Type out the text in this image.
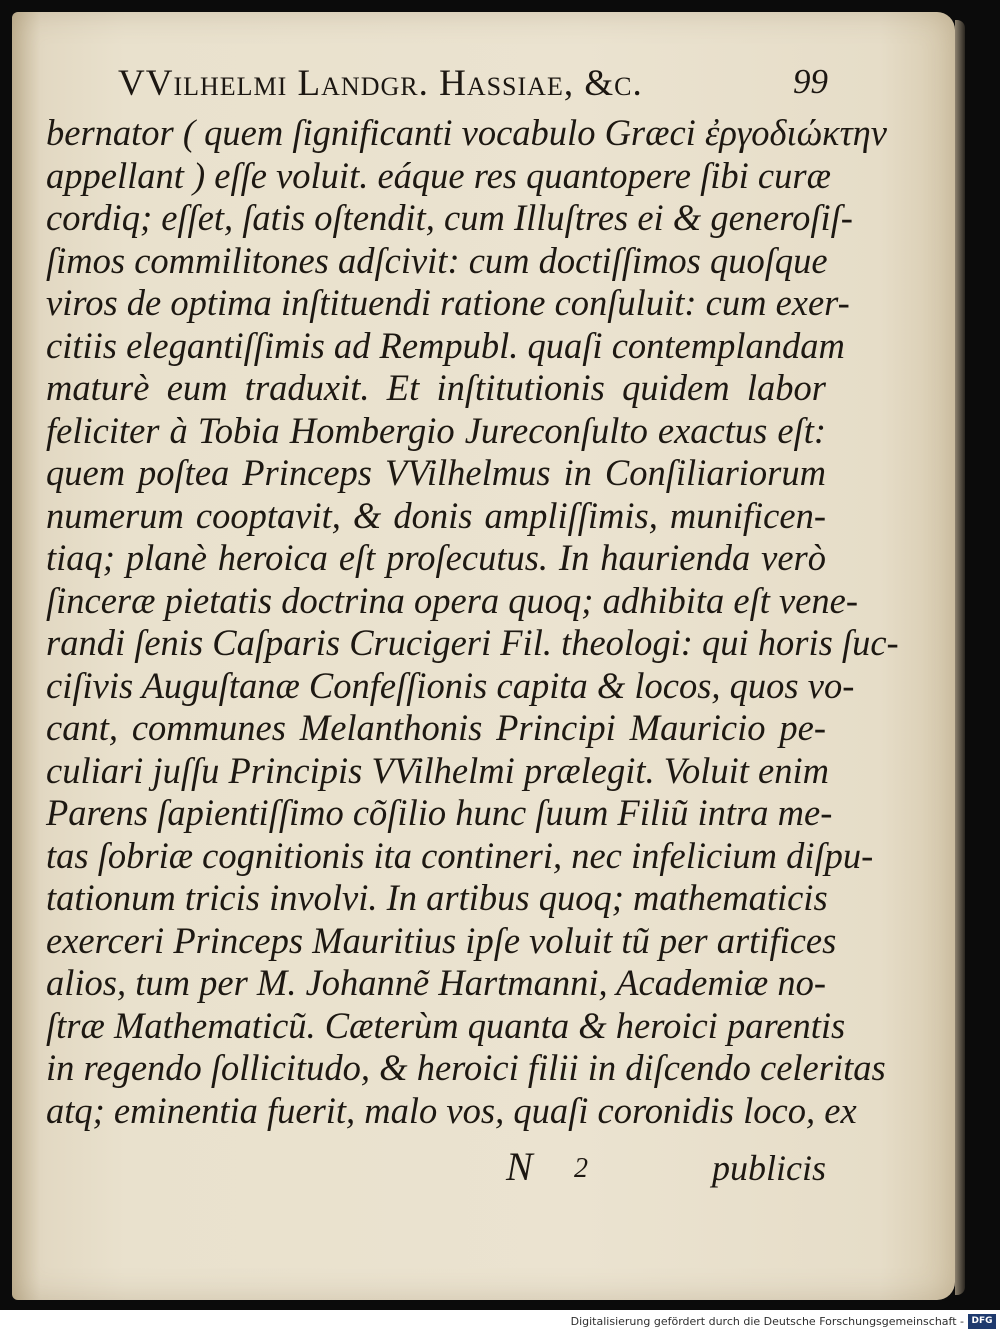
VVilhelmi Landgr. Hassiae, &c.	99
bernator ( quem ſignificanti vocabulo Græci ἐργοδιώκτην
appellant ) eſſe voluit. eáque res quantopere ſibi curæ
cordiq; eſſet, ſatis oſtendit, cum Illuſtres ei & generoſiſ-
ſimos commilitones adſcivit: cum doctiſſimos quoſque
viros de optima inſtituendi ratione conſuluit: cum exer-
citiis elegantiſſimis ad Rempubl. quaſi contemplandam
maturè eum traduxit. Et inſtitutionis quidem labor
feliciter à Tobia Hombergio Jureconſulto exactus eſt:
quem poſtea Princeps VVilhelmus in Conſiliariorum
numerum cooptavit, & donis ampliſſimis, munificen-
tiaq; planè heroica eſt proſecutus. In haurienda verò
ſinceræ pietatis doctrina opera quoq; adhibita eſt vene-
randi ſenis Caſparis Crucigeri Fil. theologi: qui horis ſuc-
ciſivis Auguſtanæ Confeſſionis capita & locos, quos vo-
cant, communes Melanthonis Principi Mauricio pe-
culiari juſſu Principis VVilhelmi prælegit. Voluit enim
Parens ſapientiſſimo cõſilio hunc ſuum Filiũ intra me-
tas ſobriæ cognitionis ita contineri, nec infelicium diſpu-
tationum tricis involvi. In artibus quoq; mathematicis
exerceri Princeps Mauritius ipſe voluit tũ per artifices
alios, tum per M. Johannẽ Hartmanni, Academiæ no-
ſtræ Mathematicũ. Cæterùm quanta & heroici parentis
in regendo ſollicitudo, & heroici filii in diſcendo celeritas
atq; eminentia fuerit, malo vos, quaſi coronidis loco, ex
N 2	publicis
Digitalisierung gefördert durch die Deutsche Forschungsgemeinschaft - DFG
